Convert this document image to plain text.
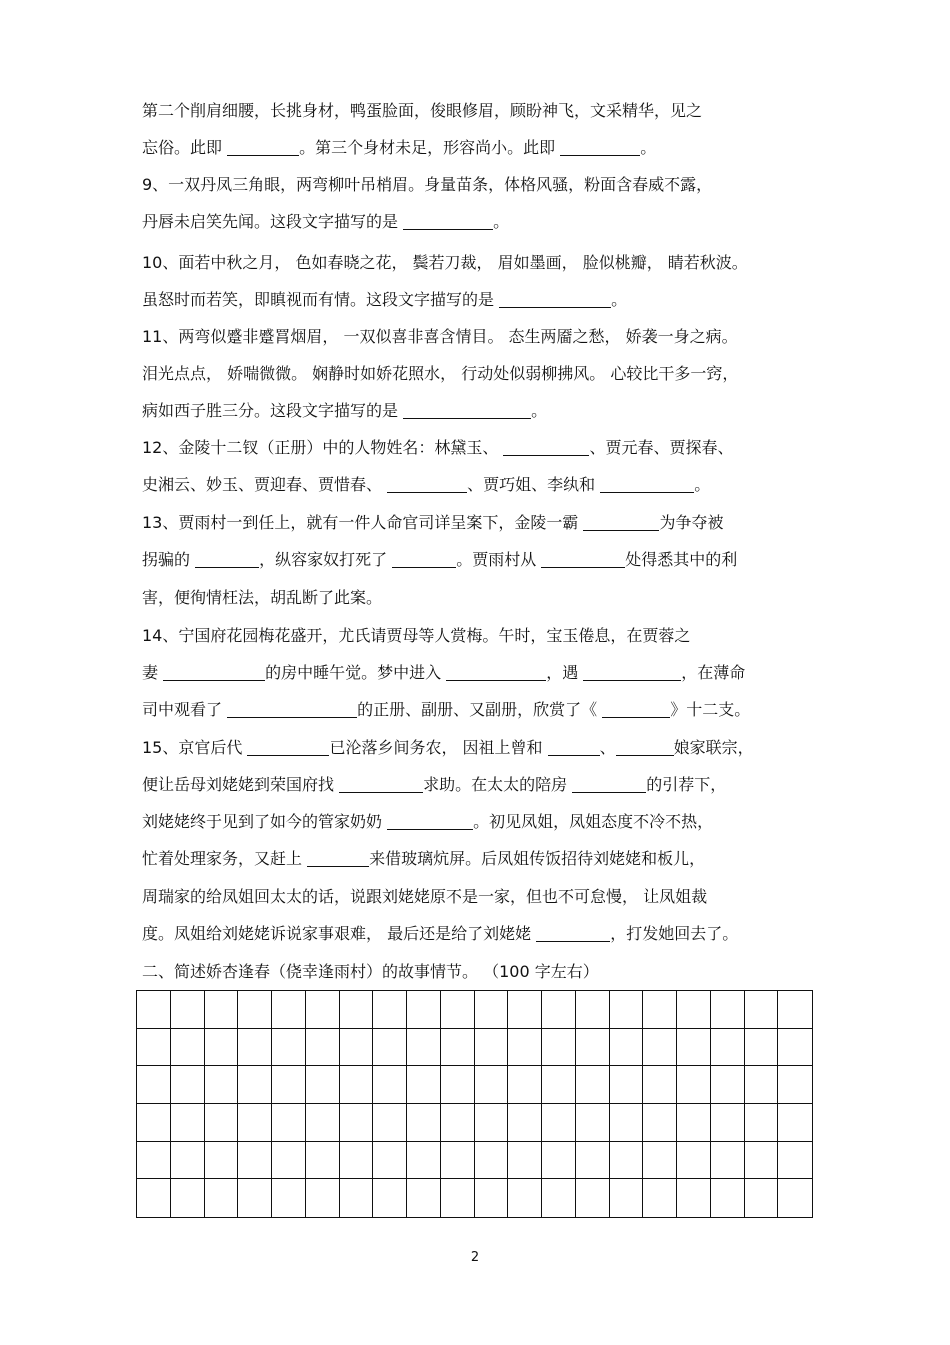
第二个削肩细腰，长挑身材，鸭蛋脸面，俊眼修眉，顾盼神飞，文采精华，见之
忘俗。此即	。第三个身材未足，形容尚小。此即	。
9、一双丹凤三角眼，两弯柳叶吊梢眉。身量苗条，体格风骚，粉面含春威不露，
丹唇未启笑先闻。这段文字描写的是	。
10、面若中秋之月， 色如春晓之花， 鬓若刀裁， 眉如墨画， 脸似桃瓣， 睛若秋波。
虽怒时而若笑，即瞋视而有情。这段文字描写的是	。
11、两弯似蹙非蹙罥烟眉， 一双似喜非喜含情目。 态生两靥之愁， 娇袭一身之病。
泪光点点， 娇喘微微。 娴静时如娇花照水， 行动处似弱柳拂风。 心较比干多一窍，
病如西子胜三分。这段文字描写的是	。
12、金陵十二钗（正册）中的人物姓名：林黛玉、	、贾元春、贾探春、
史湘云、妙玉、贾迎春、贾惜春、	、贾巧姐、李纨和	。
13、贾雨村一到任上，就有一件人命官司详呈案下，金陵一霸	为争夺被
拐骗的	，纵容家奴打死了	。贾雨村从	处得悉其中的利
害，便徇情枉法，胡乱断了此案。
14、宁国府花园梅花盛开，尤氏请贾母等人赏梅。午时，宝玉倦息，在贾蓉之
妻	的房中睡午觉。梦中进入	，遇	，在薄命
司中观看了	的正册、副册、又副册，欣赏了《	》十二支。
15、京官后代	已沦落乡间务农， 因祖上曾和	、	娘家联宗，
便让岳母刘姥姥到荣国府找	求助。在太太的陪房	的引荐下，
刘姥姥终于见到了如今的管家奶奶	。初见凤姐，凤姐态度不冷不热，
忙着处理家务，又赶上	来借玻璃炕屏。后凤姐传饭招待刘姥姥和板儿，
周瑞家的给凤姐回太太的话，说跟刘姥姥原不是一家，但也不可怠慢， 让凤姐裁
度。凤姐给刘姥姥诉说家事艰难， 最后还是给了刘姥姥	，打发她回去了。
二、简述娇杏逢春（侥幸逢雨村）的故事情节。 （100 字左右）
2
